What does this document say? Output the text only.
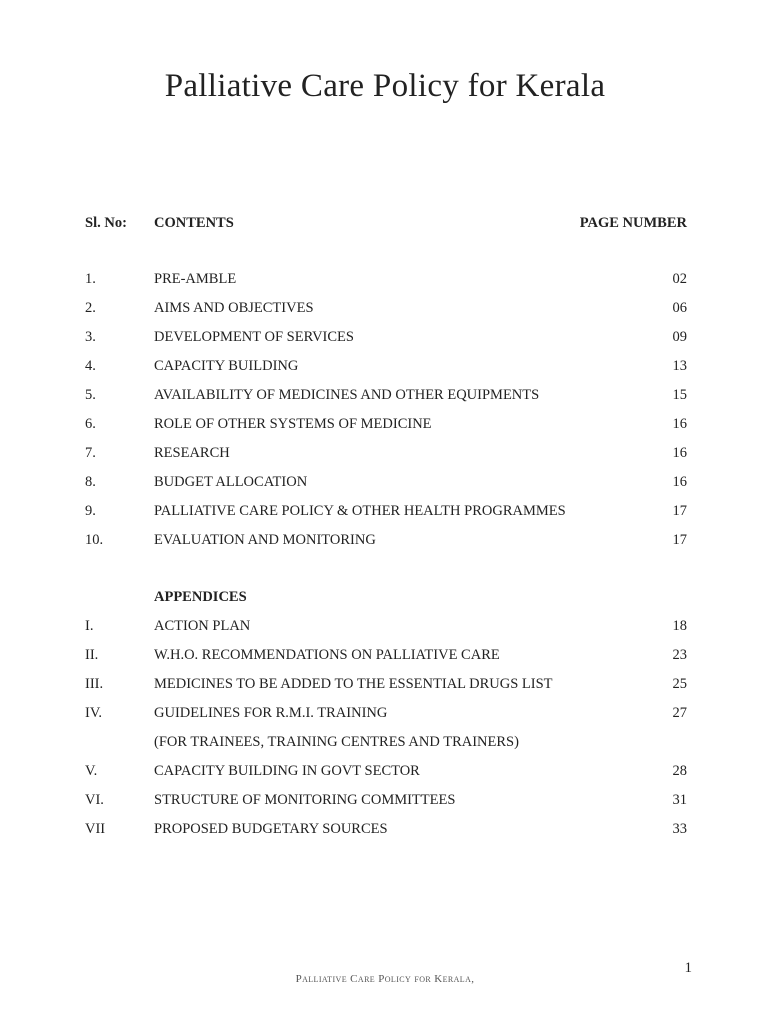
Palliative Care Policy for Kerala
Sl. No: CONTENTS	PAGE NUMBER
1.	PRE-AMBLE	02
2.	AIMS AND OBJECTIVES	06
3.	DEVELOPMENT OF SERVICES	09
4.	CAPACITY BUILDING	13
5.	AVAILABILITY OF MEDICINES AND OTHER EQUIPMENTS	15
6.	ROLE OF OTHER SYSTEMS OF MEDICINE	16
7.	RESEARCH	16
8.	BUDGET ALLOCATION	16
9.	PALLIATIVE CARE POLICY & OTHER HEALTH PROGRAMMES	17
10.	EVALUATION AND MONITORING	17
APPENDICES
I.	ACTION PLAN	18
II.	W.H.O. RECOMMENDATIONS ON PALLIATIVE CARE	23
III.	MEDICINES TO BE ADDED TO THE ESSENTIAL DRUGS LIST	25
IV.	GUIDELINES FOR R.M.I. TRAINING	27
(FOR TRAINEES, TRAINING CENTRES AND TRAINERS)
V.	CAPACITY BUILDING IN GOVT SECTOR	28
VI.	STRUCTURE OF MONITORING COMMITTEES	31
VII	PROPOSED BUDGETARY SOURCES	33
1
Palliative Care Policy for Kerala,
